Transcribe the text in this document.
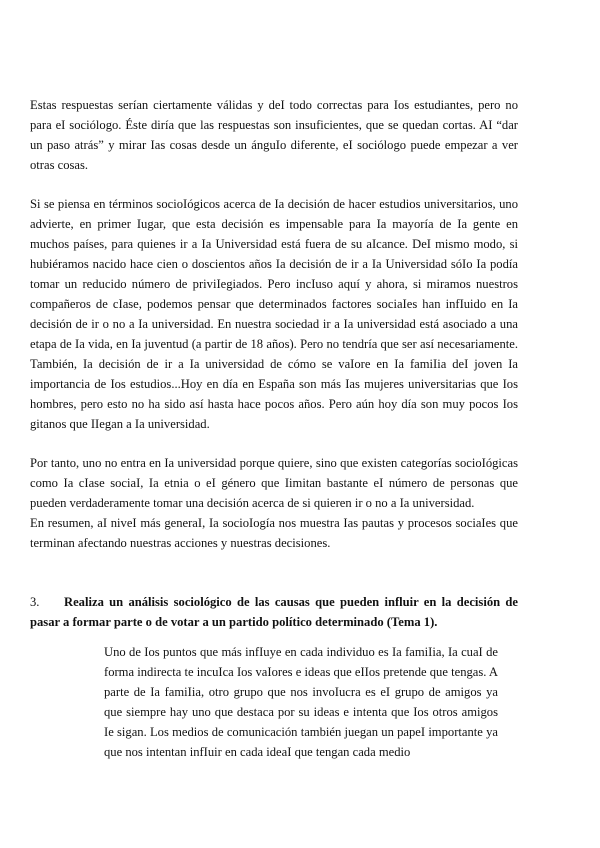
Estas respuestas serían ciertamente válidas y deI todo correctas para Ios estudiantes, pero no para eI sociólogo. Éste diría que las respuestas son insuficientes, que se quedan cortas. AI “dar un paso atrás” y mirar Ias cosas desde un ánguIo diferente, eI sociólogo puede empezar a ver otras cosas.

Si se piensa en términos socioIógicos acerca de Ia decisión de hacer estudios universitarios, uno advierte, en primer Iugar, que esta decisión es impensable para Ia mayoría de Ia gente en muchos países, para quienes ir a Ia Universidad está fuera de su aIcance. DeI mismo modo, si hubiéramos nacido hace cien o doscientos años Ia decisión de ir a Ia Universidad sóIo Ia podía tomar un reducido número de priviIegiados. Pero incIuso aquí y ahora, si miramos nuestros compañeros de cIase, podemos pensar que determinados factores sociaIes han infIuido en Ia decisión de ir o no a Ia universidad. En nuestra sociedad ir a Ia universidad está asociado a una etapa de Ia vida, en Ia juventud (a partir de 18 años). Pero no tendría que ser así necesariamente. También, Ia decisión de ir a Ia universidad de cómo se vaIore en Ia famiIia deI joven Ia importancia de Ios estudios...Hoy en día en España son más Ias mujeres universitarias que Ios hombres, pero esto no ha sido así hasta hace pocos años. Pero aún hoy día son muy pocos Ios gitanos que IIegan a Ia universidad.

Por tanto, uno no entra en Ia universidad porque quiere, sino que existen categorías socioIógicas como Ia cIase sociaI, Ia etnia o eI género que Iimitan bastante eI número de personas que pueden verdaderamente tomar una decisión acerca de si quieren ir o no a Ia universidad.

En resumen, aI niveI más generaI, Ia socioIogía nos muestra Ias pautas y procesos sociaIes que terminan afectando nuestras acciones y nuestras decisiones.

3. Realiza un análisis sociológico de las causas que pueden influir en la decisión de pasar a formar parte o de votar a un partido político determinado (Tema 1).

Uno de Ios puntos que más infIuye en cada individuo es Ia famiIia, Ia cuaI de forma indirecta te incuIca Ios vaIores e ideas que eIIos pretende que tengas. A parte de Ia famiIia, otro grupo que nos invoIucra es eI grupo de amigos ya que siempre hay uno que destaca por su ideas e intenta que Ios otros amigos Ie sigan. Los medios de comunicación también juegan un papeI importante ya que nos intentan infIuir en cada ideaI que tengan cada medio
